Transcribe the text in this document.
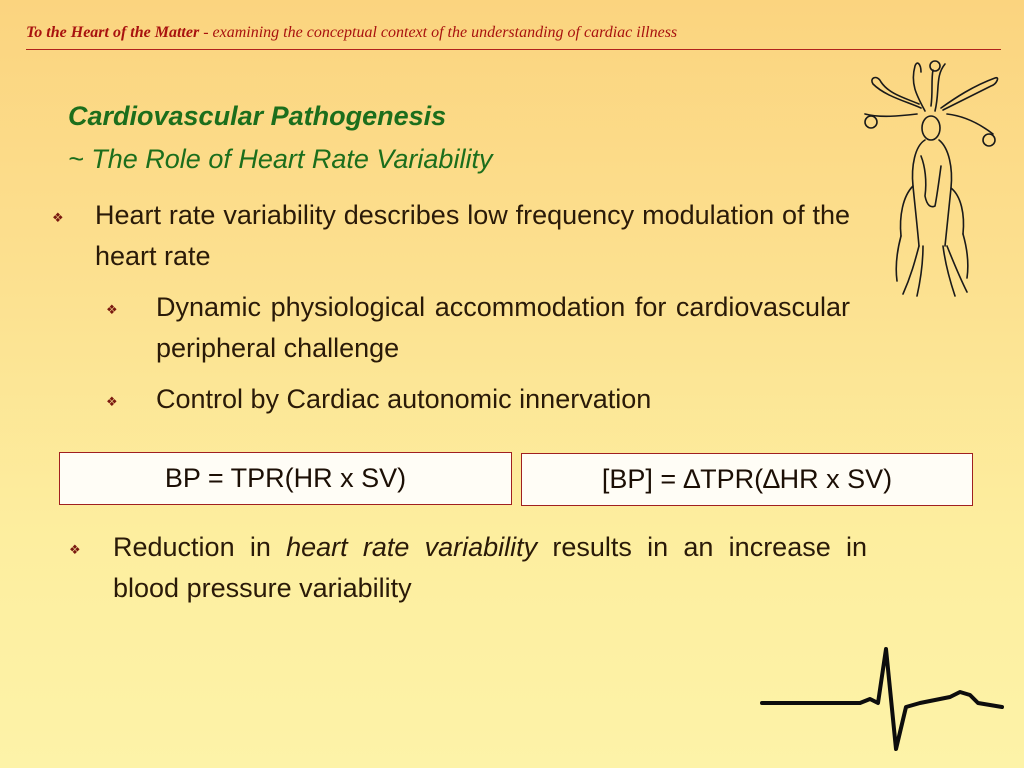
To the Heart of the Matter - examining the conceptual context of the understanding of cardiac illness
Cardiovascular Pathogenesis
~ The Role of Heart Rate Variability
❖ Heart rate variability describes low frequency modulation of the heart rate
❖ Dynamic physiological accommodation for cardiovascular peripheral challenge
❖ Control by Cardiac autonomic innervation
BP = TPR(HR x SV)	[BP] = ∆TPR(∆HR x SV)
❖ Reduction in heart rate variability results in an increase in blood pressure variability
